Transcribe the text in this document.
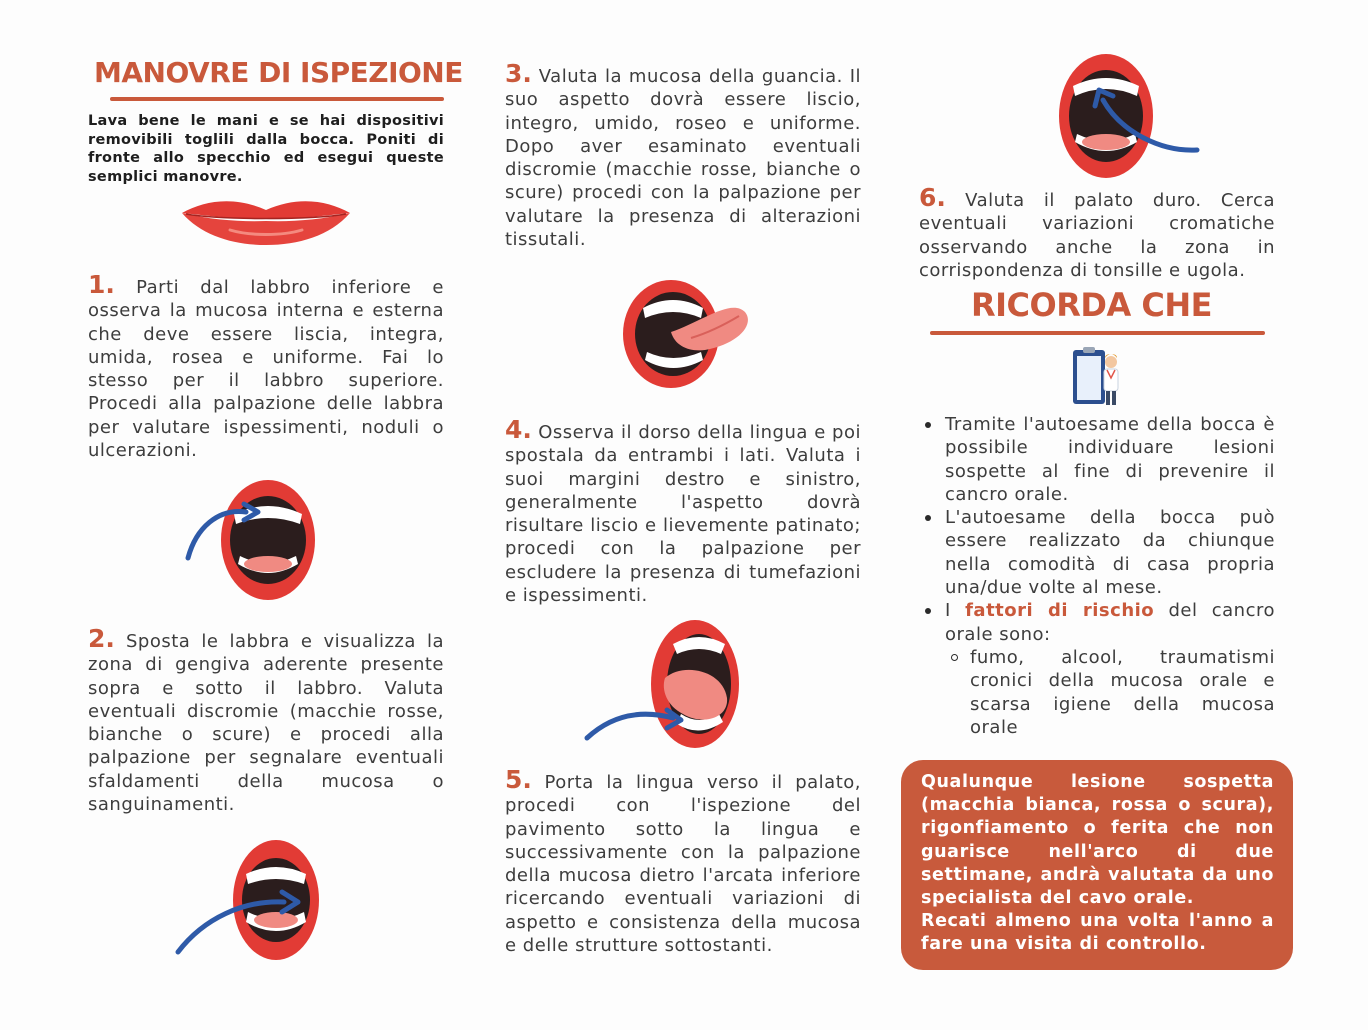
MANOVRE DI ISPEZIONE
Lava bene le mani e se hai dispositivi removibili toglili dalla bocca. Poniti di fronte allo specchio ed esegui queste semplici manovre.
1. Parti dal labbro inferiore e osserva la mucosa interna e esterna che deve essere liscia, integra, umida, rosea e uniforme. Fai lo stesso per il labbro superiore. Procedi alla palpazione delle labbra per valutare ispessimenti, noduli o ulcerazioni.
2. Sposta le labbra e visualizza la zona di gengiva aderente presente sopra e sotto il labbro. Valuta eventuali discromie (macchie rosse, bianche o scure) e procedi alla palpazione per segnalare eventuali sfaldamenti della mucosa o sanguinamenti.
3. Valuta la mucosa della guancia. Il suo aspetto dovrà essere liscio, integro, umido, roseo e uniforme. Dopo aver esaminato eventuali discromie (macchie rosse, bianche o scure) procedi con la palpazione per valutare la presenza di alterazioni tissutali.
4. Osserva il dorso della lingua e poi spostala da entrambi i lati. Valuta i suoi margini destro e sinistro, generalmente l'aspetto dovrà risultare liscio e lievemente patinato; procedi con la palpazione per escludere la presenza di tumefazioni e ispessimenti.
5. Porta la lingua verso il palato, procedi con l'ispezione del pavimento sotto la lingua e successivamente con la palpazione della mucosa dietro l'arcata inferiore ricercando eventuali variazioni di aspetto e consistenza della mucosa e delle strutture sottostanti.
6. Valuta il palato duro. Cerca eventuali variazioni cromatiche osservando anche la zona in corrispondenza di tonsille e ugola.
RICORDA CHE
Tramite l'autoesame della bocca è possibile individuare lesioni sospette al fine di prevenire il cancro orale.
L'autoesame della bocca può essere realizzato da chiunque nella comodità di casa propria una/due volte al mese.
I fattori di rischio del cancro orale sono:
fumo, alcool, traumatismi cronici della mucosa orale e scarsa igiene della mucosa orale

Qualunque lesione sospetta (macchia bianca, rossa o scura), rigonfiamento o ferita che non guarisce nell'arco di due settimane, andrà valutata da uno specialista del cavo orale.

Recati almeno una volta l'anno a fare una visita di controllo.
